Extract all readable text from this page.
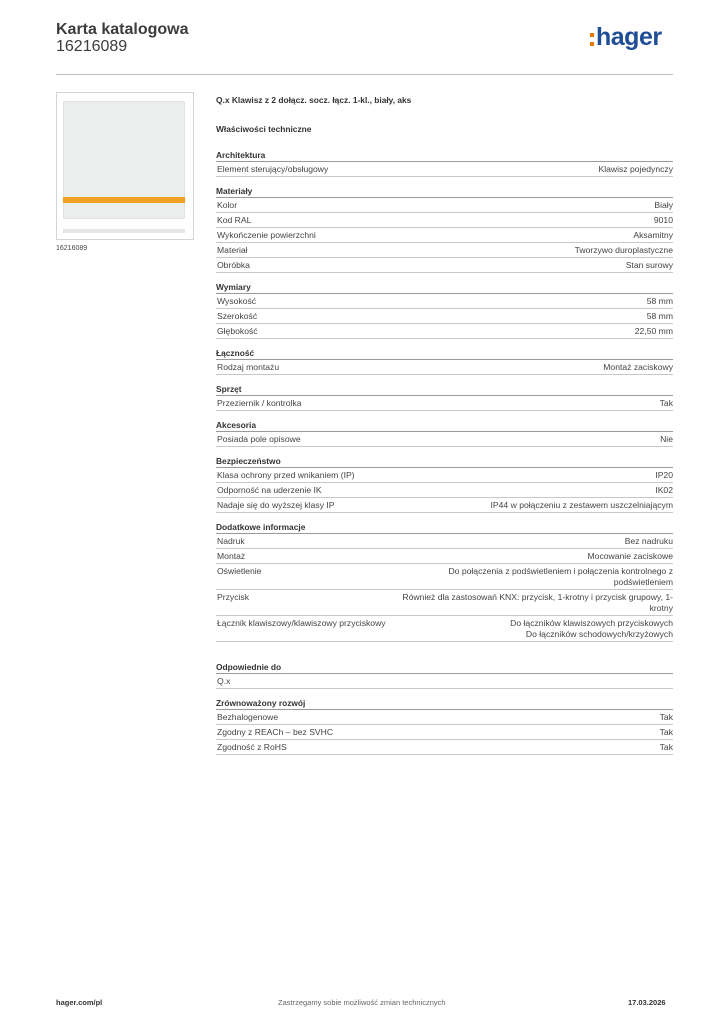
Karta katalogowa
16216089	hager
16216089
Q.x Klawisz z 2 dołącz. socz. łącz. 1-kl., biały, aks
Właściwości techniczne
Architektura
Element sterujący/obsługowy	Klawisz pojedynczy
Materiały
Kolor	Biały
Kod RAL	9010
Wykończenie powierzchni	Aksamitny
Materiał	Tworzywo duroplastyczne
Obróbka	Stan surowy
Wymiary
Wysokość	58 mm
Szerokość	58 mm
Głębokość	22,50 mm
Łączność
Rodzaj montażu	Montaż zaciskowy
Sprzęt
Przeziernik / kontrolka	Tak
Akcesoria
Posiada pole opisowe	Nie
Bezpieczeństwo
Klasa ochrony przed wnikaniem (IP)	IP20
Odporność na uderzenie IK	IK02
Nadaje się do wyższej klasy IP	IP44 w połączeniu z zestawem uszczelniającym
Dodatkowe informacje
Nadruk	Bez nadruku
Montaż	Mocowanie zaciskowe
Oświetlenie	Do połączenia z podświetleniem i połączenia kontrolnego z podświetleniem
Przycisk	Również dla zastosowań KNX: przycisk, 1-krotny i przycisk grupowy, 1-krotny
Łącznik klawiszowy/klawiszowy przyciskowy	Do łączników klawiszowych przyciskowych
Do łączników schodowych/krzyżowych
Odpowiednie do
Q.x
Zrównoważony rozwój
Bezhalogenowe	Tak
Zgodny z REACh – bez SVHC	Tak
Zgodność z RoHS	Tak
hager.com/pl	Zastrzegamy sobie możliwość zmian technicznych	17.03.2026
